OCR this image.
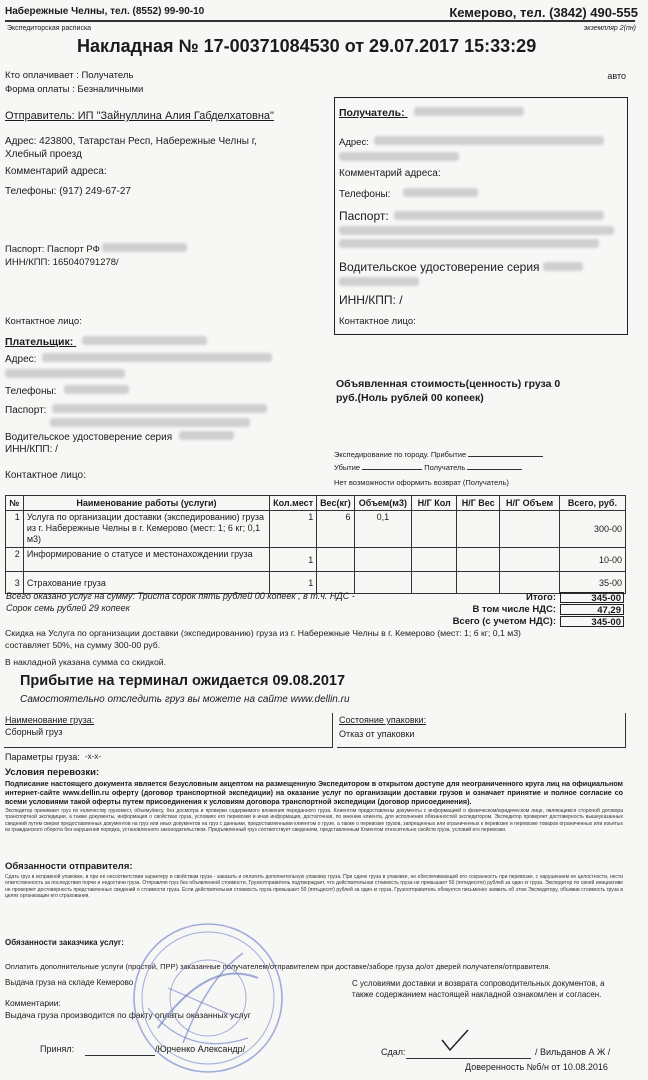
Набережные Челны, тел. (8552) 99-90-10	Кемерово, тел. (3842) 490-555
Экспедиторская расписка	экземпляр 2(пн)
Накладная № 17-00371084530 от 29.07.2017 15:33:29
Кто оплачивает : Получатель
Форма оплаты : Безналичными
авто
Отправитель: ИП "Зайнуллина Алия Габделхатовна"
Адрес: 423800, Татарстан Респ, Набережные Челны г,
Хлебный проезд
Комментарий адреса:
Телефоны: (917) 249-67-27
Паспорт: Паспорт РФ
ИНН/КПП: 165040791278/
Контактное лицо:
Получатель:
Адрес:
Комментарий адреса:
Телефоны:
Паспорт:
Водительское удостоверение серия
ИНН/КПП: /
Контактное лицо:
Плательщик:
Адрес:
Телефоны:
Паспорт:
Водительское удостоверение серия
ИНН/КПП: /
Контактное лицо:
Объявленная стоимость(ценность) груза 0
руб.(Ноль рублей 00 копеек)
Экспедирование по городу. Прибытие
Убытие	Получатель
Нет возможности оформить возврат (Получатель)
№	Наименование работы (услуги)	Кол.мест	Вес(кг)	Объем(м3)	Н/Г Кол	Н/Г Вес	Н/Г Объем	Всего, руб.
1	Услуга по организации доставки (экспедированию) груза из г. Набережные Челны в г. Кемерово (мест: 1; 6 кг; 0,1 м3)	1	6	0,1				300-00
2	Информирование о статусе и местонахождении груза	1						10-00
3	Страхование груза	1						35-00
Всего оказано услуг на сумму: Триста сорок пять рублей 00 копеек , в т.ч. НДС -
Сорок семь рублей 29 копеек
Итого:	345-00
В том числе НДС:	47,29
Всего (с учетом НДС):	345-00
Скидка на Услуга по организации доставки (экспедированию) груза из г. Набережные Челны в г. Кемерово (мест: 1; 6 кг; 0,1 м3)
составляет 50%, на сумму 300-00 руб.
В накладной указана сумма со скидкой.
Прибытие на терминал ожидается 09.08.2017
Самостоятельно отследить груз вы можете на сайте www.dellin.ru
Наименование груза:
Сборный груз
Состояние упаковки:
Отказ от упаковки
Параметры груза: -x-x-
Условия перевозки:
Подписание настоящего документа является безусловным акцептом на размещенную Экспедитором в открытом доступе для неограниченного круга лиц на официальном интернет-сайте www.dellin.ru оферту (договор транспортной экспедиции) на оказание услуг по организации доставки грузов и означает принятие и полное согласие со всеми условиями такой оферты путем присоединения к условиям договора транспортной экспедиции (договор присоединения).
Экспедитор принимает груз по количеству грузомест, объему/весу, без досмотра и проверки содержимого вложения переданного груза. Клиентом предоставлены документы с информацией о физическом/юридическом лице, являющимся стороной договора транспортной экспедиции, а также документы, информация о свойствах груза, условиях его перевозки и иная информация, достаточная, по мнению клиента, для исполнения обязанностей экспедитором. Экспедитор проверяет достоверность вышеуказанных сведений путем сверки предоставленных документов на груз или иных документов на груз с данными, предоставленными клиентом о грузе, а также о перевозке грузов, запрещенных или ограниченных к перевозке и перевозке товаров ограниченных или изъятых из гражданского оборота без нарушения порядка, установленного законодательством. Предъявленный груз соответствует сведениям, представленным Клиентом относительно свойств груза, условий его перевозки.
Обязанности отправителя:
Сдать груз в исправной упаковке, в при ее несоответствии характеру и свойствам груза - заказать и оплатить дополнительную упаковку груза. При сдаче груза в упаковке, не обеспечивающей его сохранность при перевозке, с нарушением ее целостности, нести ответственность за последствия порчи и недостачи груза. Отправляя груз без объявленной стоимости, Грузоотправитель подтверждает, что действительная стоимость груза не превышает 50 (пятидесяти) рублей за один кг груза. Экспедитор по своей инициативе не проверяет достоверность представленных сведений о стоимости груза. Если действительная стоимость груза превышает 50 (пятьдесят) рублей за один кг груза, Грузоотправитель обязуется письменно заявить об этом Экспедитору, объявив стоимость груза в целях организации его страхования.
Обязанности заказчика услуг:
Оплатить дополнительные услуги (простой, ПРР) заказанные получателем/отправителем при доставке/заборе груза до/от дверей получателя/отправителя.
Выдача груза на складе Кемерово	С условиями доставки и возврата сопроводительных документов, а
также содержанием настоящей накладной ознакомлен и согласен.
Комментарии:
Выдача груза производится по факту оплаты оказанных услуг
Принял:	/Юрченко Александр/	Сдал:	/ Вильданов А Ж /
Доверенность №б/н от 10.08.2016
